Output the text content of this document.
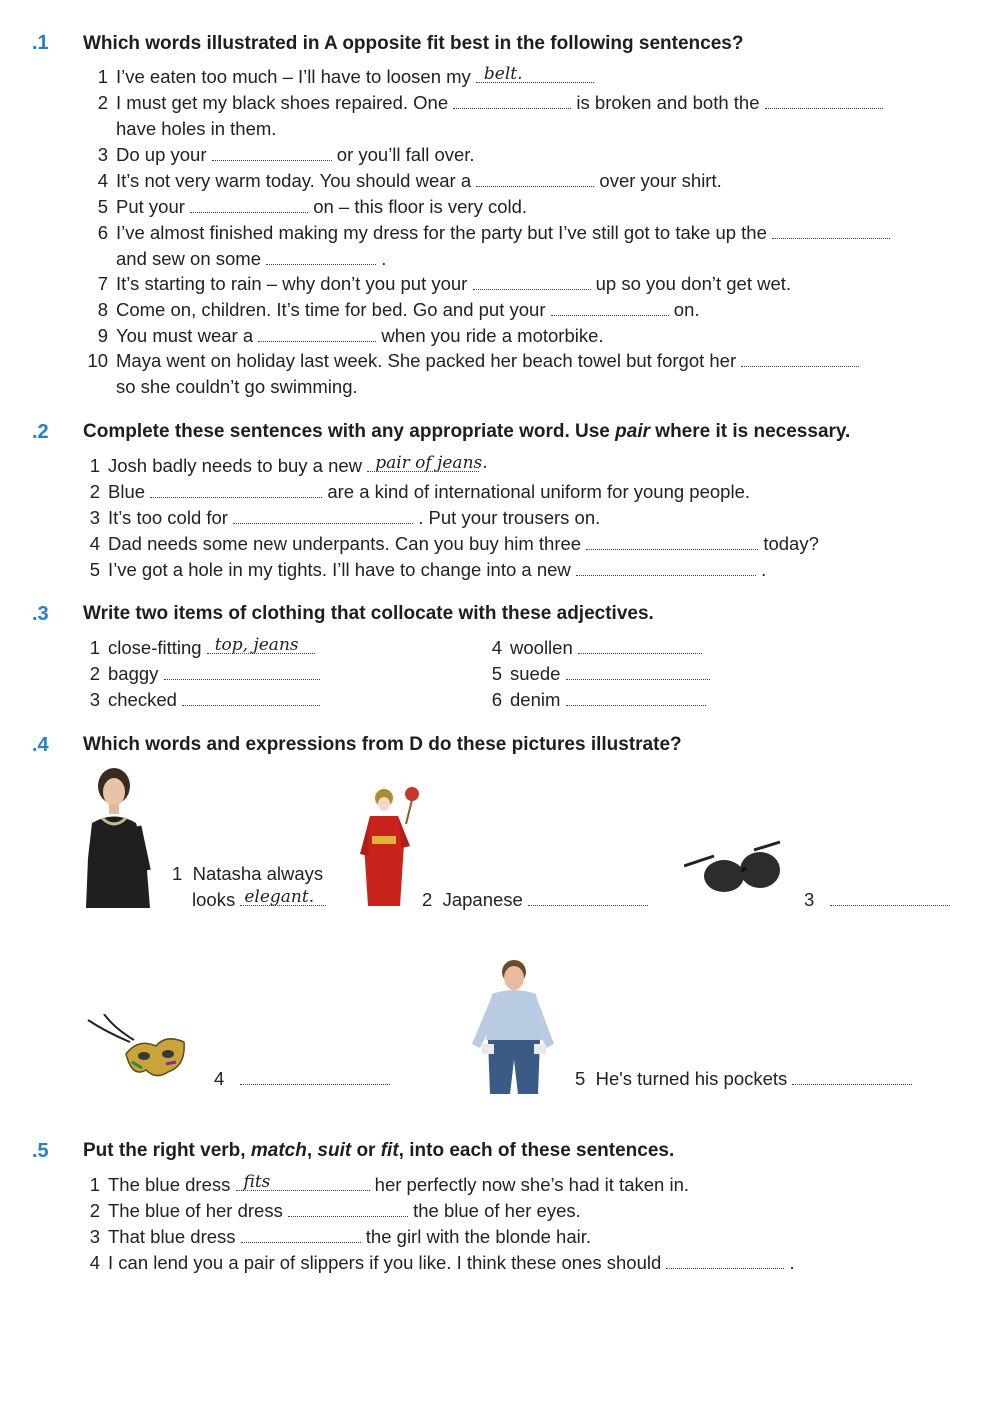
.1 Which words illustrated in A opposite fit best in the following sentences?
1 I’ve eaten too much – I’ll have to loosen my belt.
2 I must get my black shoes repaired. One	is broken and both the
have holes in them.
3 Do up your	or you’ll fall over.
4 It’s not very warm today. You should wear a	over your shirt.
5 Put your	on – this floor is very cold.
6 I’ve almost finished making my dress for the party but I’ve still got to take up the
and sew on some	.
7 It’s starting to rain – why don’t you put your	up so you don’t get wet.
8 Come on, children. It’s time for bed. Go and put your	on.
9 You must wear a	when you ride a motorbike.
10 Maya went on holiday last week. She packed her beach towel but forgot her
so she couldn’t go swimming.
.2 Complete these sentences with any appropriate word. Use pair where it is necessary.
1 Josh badly needs to buy a new pair of jeans.
2 Blue	are a kind of international uniform for young people.
3 It’s too cold for	. Put your trousers on.
4 Dad needs some new underpants. Can you buy him three	today?
5 I’ve got a hole in my tights. I’ll have to change into a new	.
.3 Write two items of clothing that collocate with these adjectives.
1 close-fitting top, jeans
2 baggy
3 checked
4 woollen
5 suede
6 denim
.4 Which words and expressions from D do these pictures illustrate?
1 Natasha always
looks elegant.	2 Japanese	3
4	5 He's turned his pockets
.5 Put the right verb, match, suit or fit, into each of these sentences.
1 The blue dress fits	her perfectly now she’s had it taken in.
2 The blue of her dress	the blue of her eyes.
3 That blue dress	the girl with the blonde hair.
4 I can lend you a pair of slippers if you like. I think these ones should	.
